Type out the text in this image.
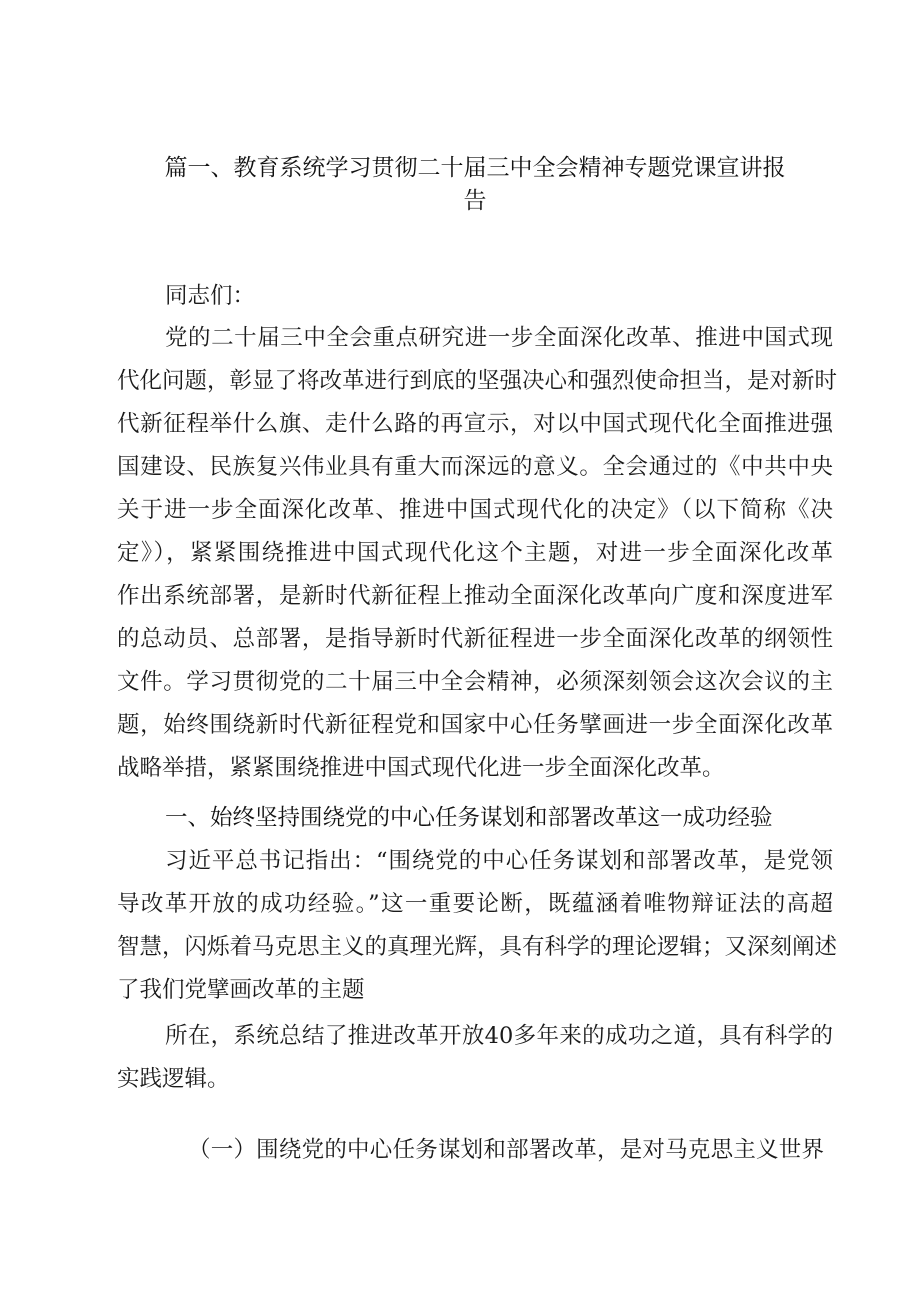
篇一、教育系统学习贯彻二十届三中全会精神专题党课宣讲报
告
同志们：
党的二十届三中全会重点研究进一步全面深化改革、推进中国式现
代化问题，彰显了将改革进行到底的坚强决心和强烈使命担当，是对新时
代新征程举什么旗、走什么路的再宣示，对以中国式现代化全面推进强
国建设、民族复兴伟业具有重大而深远的意义。全会通过的《中共中央
关于进一步全面深化改革、推进中国式现代化的决定》（以下简称《决
定》），紧紧围绕推进中国式现代化这个主题，对进一步全面深化改革
作出系统部署，是新时代新征程上推动全面深化改革向广度和深度进军
的总动员、总部署，是指导新时代新征程进一步全面深化改革的纲领性
文件。学习贯彻党的二十届三中全会精神，必须深刻领会这次会议的主
题，始终围绕新时代新征程党和国家中心任务擘画进一步全面深化改革
战略举措，紧紧围绕推进中国式现代化进一步全面深化改革。
一、始终坚持围绕党的中心任务谋划和部署改革这一成功经验
习近平总书记指出：“围绕党的中心任务谋划和部署改革，是党领
导改革开放的成功经验。”这一重要论断，既蕴涵着唯物辩证法的高超
智慧，闪烁着马克思主义的真理光辉，具有科学的理论逻辑；又深刻阐述
了我们党擘画改革的主题
所在，系统总结了推进改革开放40多年来的成功之道，具有科学的
实践逻辑。
（一）围绕党的中心任务谋划和部署改革，是对马克思主义世界
